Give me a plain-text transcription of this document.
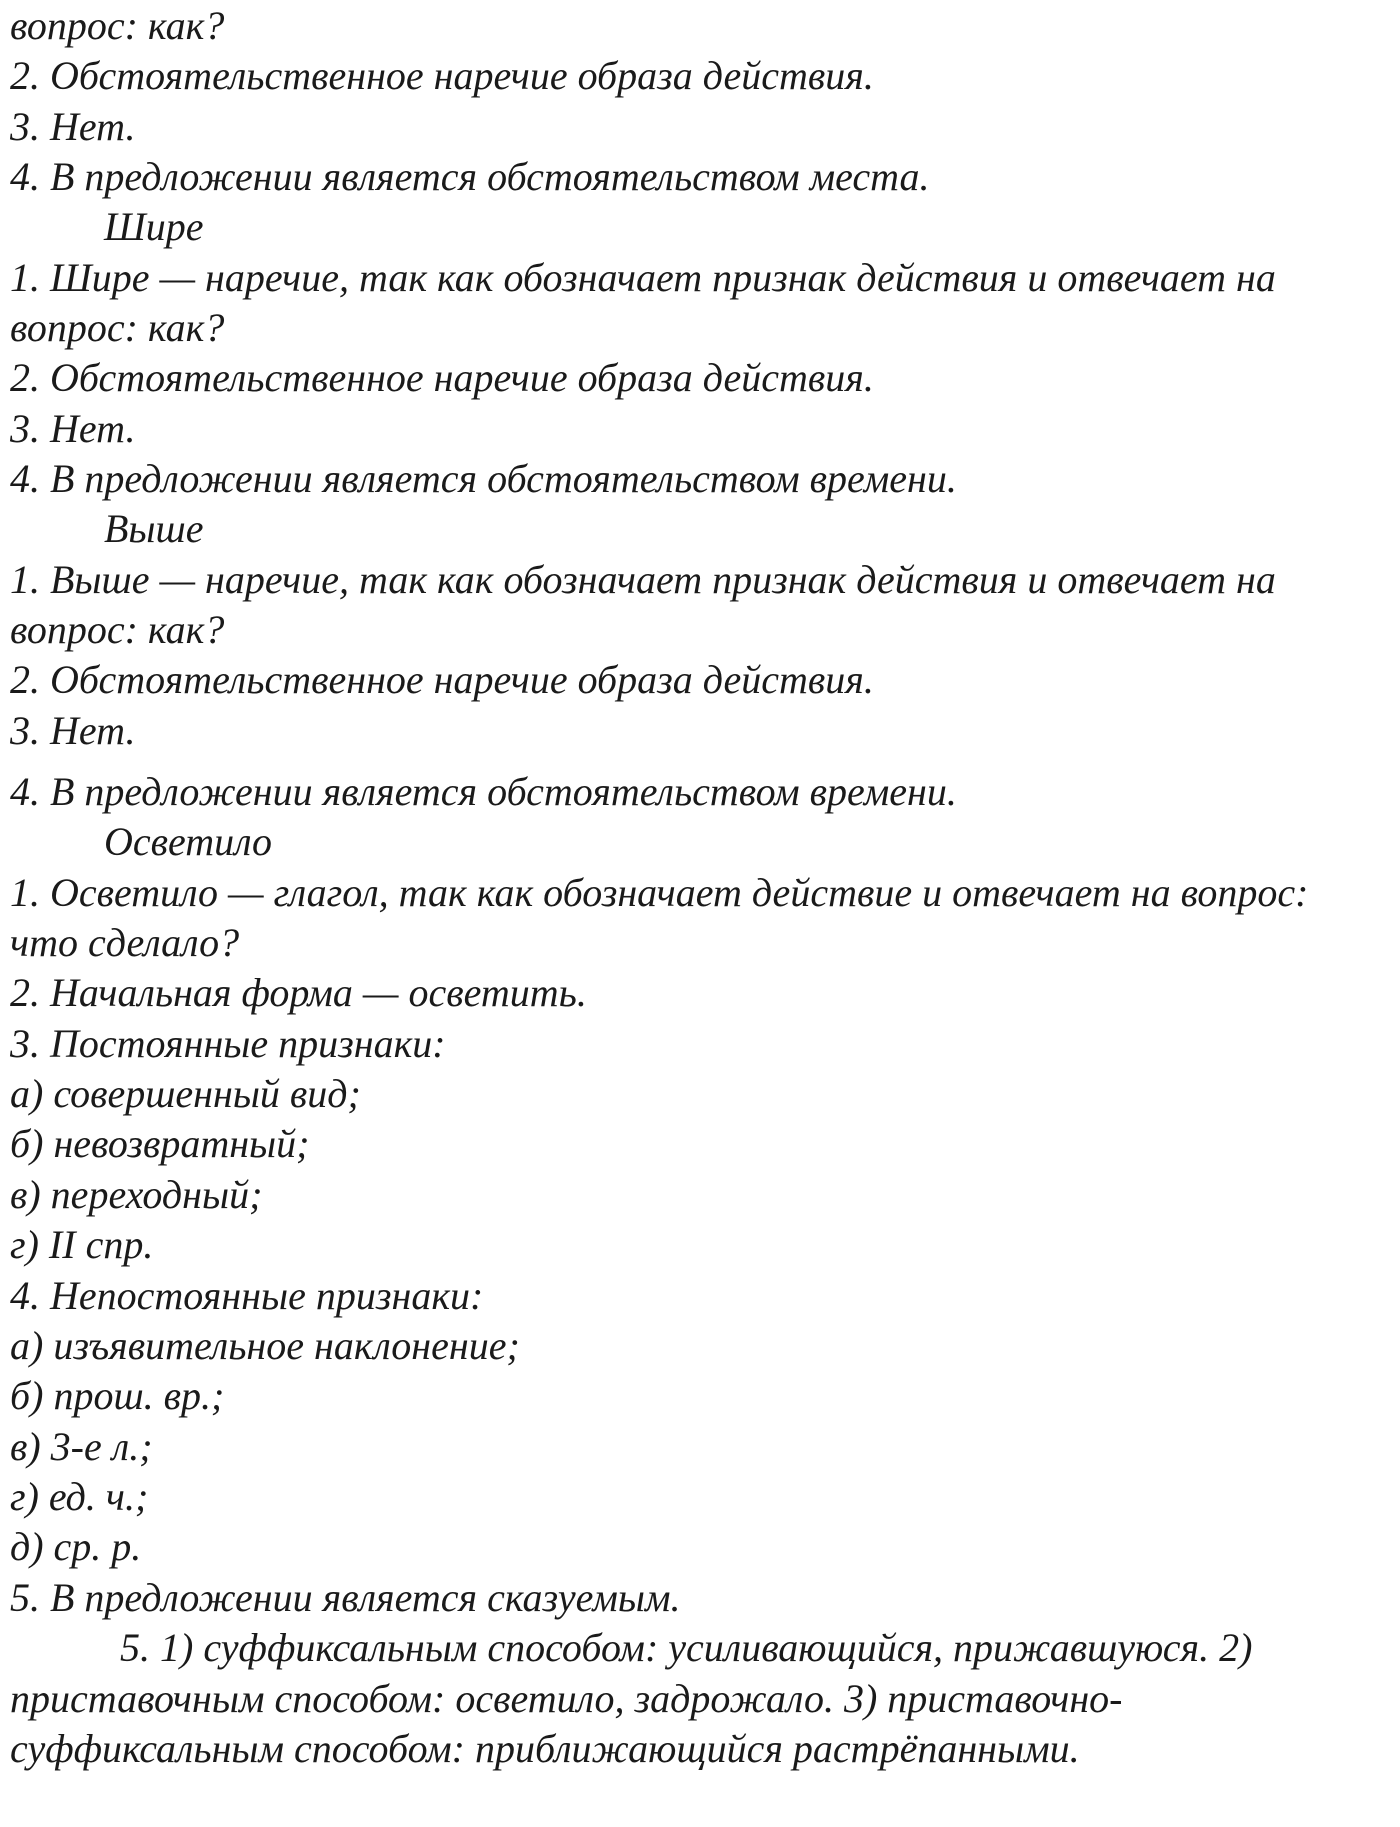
вопрос: как?
2. Обстоятельственное наречие образа действия.
3. Нет.
4. В предложении является обстоятельством места.
Шире
1. Шире — наречие, так как обозначает признак действия и отвечает на
вопрос: как?
2. Обстоятельственное наречие образа действия.
3. Нет.
4. В предложении является обстоятельством времени.
Выше
1. Выше — наречие, так как обозначает признак действия и отвечает на
вопрос: как?
2. Обстоятельственное наречие образа действия.
3. Нет.
4. В предложении является обстоятельством времени.
Осветило
1. Осветило — глагол, так как обозначает действие и отвечает на вопрос:
что сделало?
2. Начальная форма — осветить.
3. Постоянные признаки:
а) совершенный вид;
б) невозвратный;
в) переходный;
г) II спр.
4. Непостоянные признаки:
а) изъявительное наклонение;
б) прош. вр.;
в) 3-е л.;
г) ед. ч.;
д) ср. р.
5. В предложении является сказуемым.
5. 1) суффиксальным способом: усиливающийся, прижавшуюся. 2)
приставочным способом: осветило, задрожало. 3) приставочно-
суффиксальным способом: приближающийся растрёпанными.
